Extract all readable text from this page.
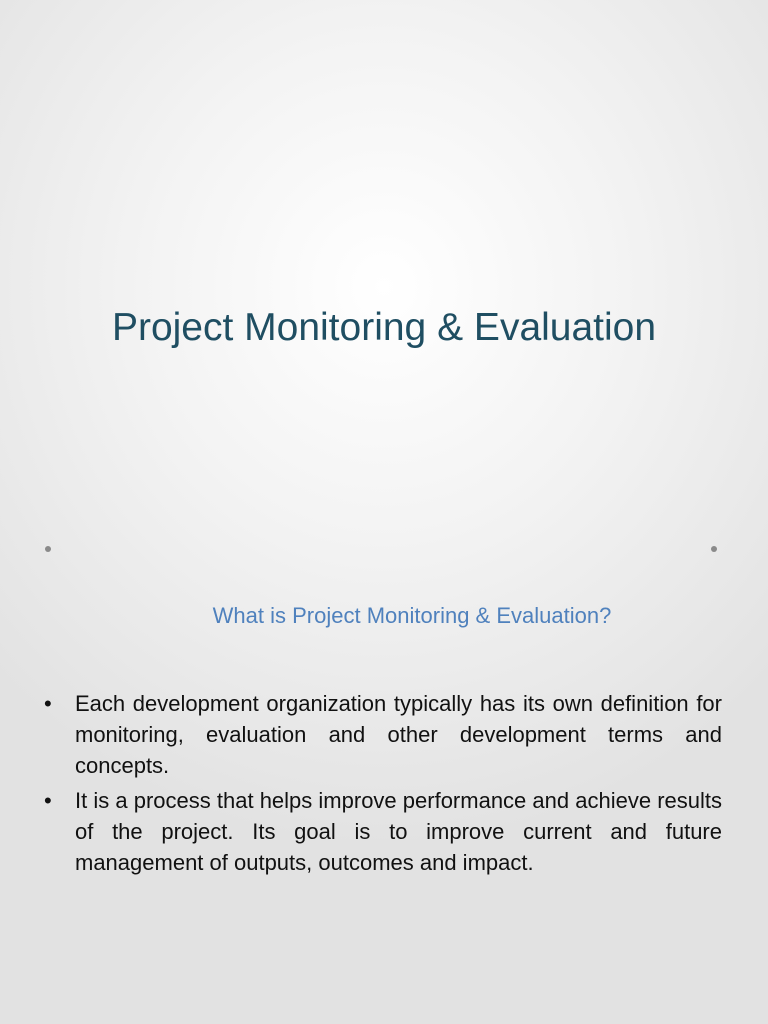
Project Monitoring & Evaluation
What is Project Monitoring & Evaluation?
• Each development organization typically has its own definition for monitoring, evaluation and other development terms and concepts.
• It is a process that helps improve performance and achieve results of the project. Its goal is to improve current and future management of outputs, outcomes and impact.
